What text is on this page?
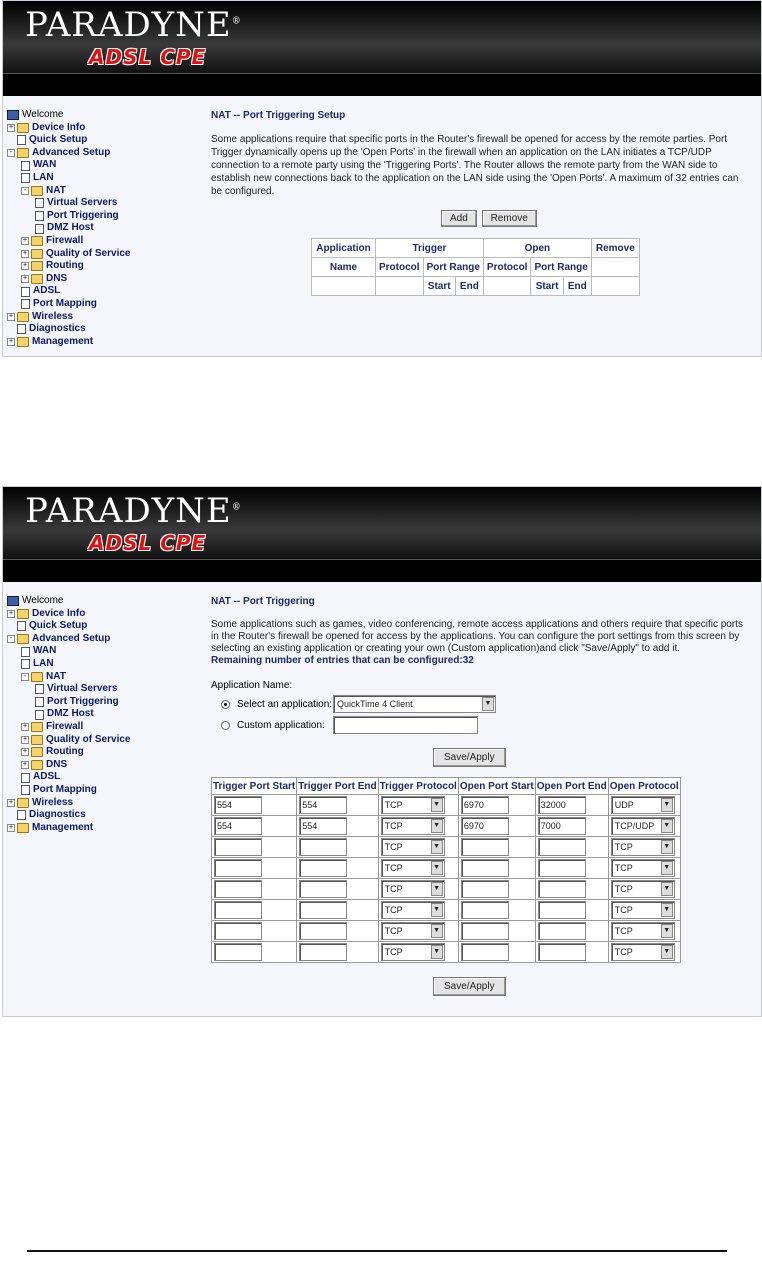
PARADYNE®
ADSL CPE
Welcome
+ Device Info
Quick Setup
- Advanced Setup
WAN
LAN
- NAT
Virtual Servers
Port Triggering
DMZ Host
+ Firewall
+ Quality of Service
+ Routing
+ DNS
ADSL
Port Mapping
+ Wireless
Diagnostics
+ Management
NAT -- Port Triggering Setup
Some applications require that specific ports in the Router's firewall be opened for access by the remote parties. Port Trigger dynamically opens up the 'Open Ports' in the firewall when an application on the LAN initiates a TCP/UDP connection to a remote party using the 'Triggering Ports'. The Router allows the remote party from the WAN side to establish new connections back to the application on the LAN side using the 'Open Ports'. A maximum of 32 entries can be configured.
Add Remove
Application	Trigger			Open			Remove
Name	Protocol	Port Range		Protocol	Port Range		
		Start	End		Start	End	
PARADYNE®
ADSL CPE
Welcome
+ Device Info
Quick Setup
- Advanced Setup
WAN
LAN
- NAT
Virtual Servers
Port Triggering
DMZ Host
+ Firewall
+ Quality of Service
+ Routing
+ DNS
ADSL
Port Mapping
+ Wireless
Diagnostics
+ Management
NAT -- Port Triggering
Some applications such as games, video conferencing, remote access applications and others require that specific ports in the Router's firewall be opened for access by the applications. You can configure the port settings from this screen by selecting an existing application or creating your own (Custom application)and click "Save/Apply" to add it.
Remaining number of entries that can be configured:32
Application Name:
Select an application: QuickTime 4 Client	▼
Custom application:
Save/Apply
Trigger Port Start	Trigger Port End	Trigger Protocol	Open Port Start	Open Port End	Open Protocol
554	554	TCP ▼	6970	32000	UDP ▼

554	554	TCP ▼	6970	7000	TCP/UDP ▼

		TCP ▼			TCP ▼

		TCP ▼			TCP ▼

		TCP ▼			TCP ▼

		TCP ▼			TCP ▼

		TCP ▼			TCP ▼

		TCP ▼			TCP ▼
Save/Apply
